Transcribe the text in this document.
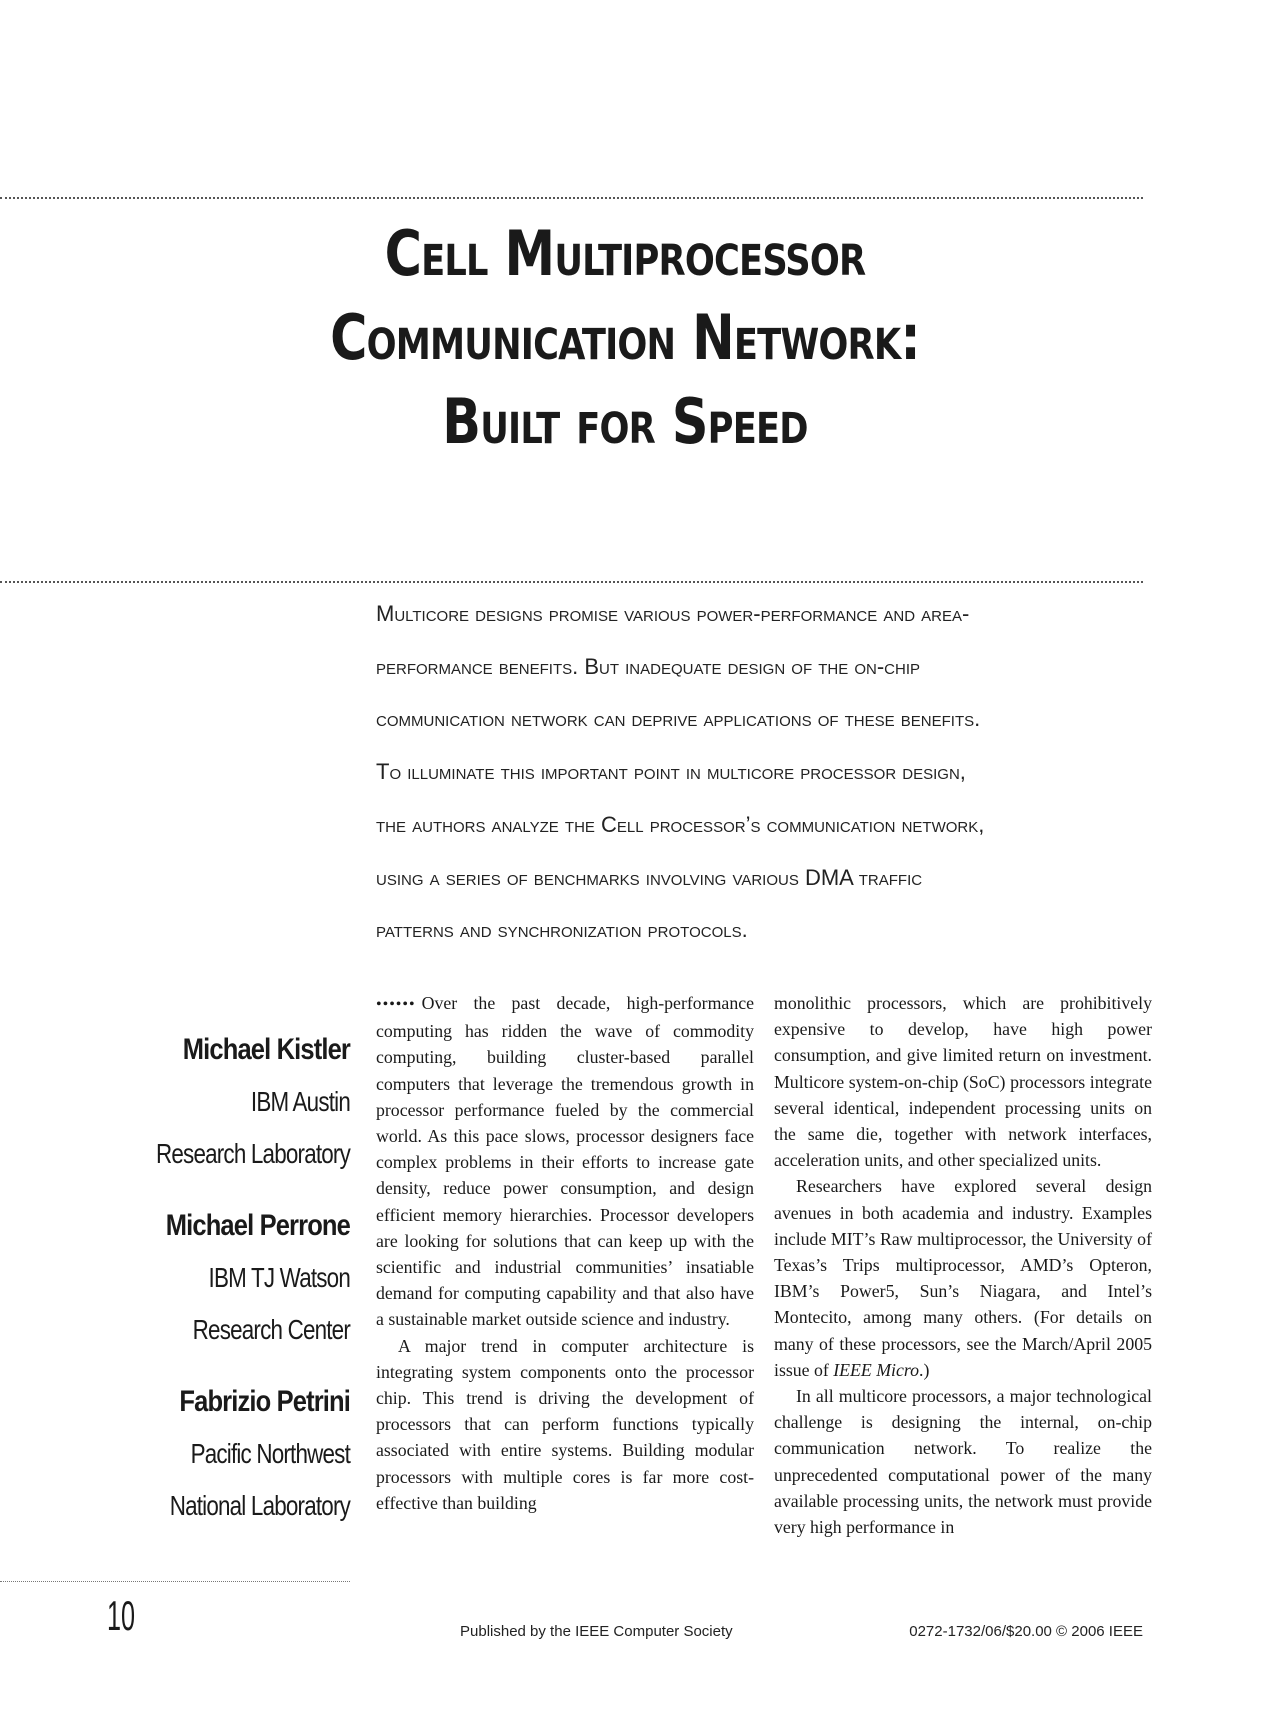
Cell Multiprocessor
Communication Network:
Built for Speed
Multicore designs promise various power-performance and area-
performance benefits. But inadequate design of the on-chip
communication network can deprive applications of these benefits.
To illuminate this important point in multicore processor design,
the authors analyze the Cell processor’s communication network,
using a series of benchmarks involving various DMA traffic
patterns and synchronization protocols.
Michael Kistler
IBM Austin
Research Laboratory
Michael Perrone
IBM TJ Watson
Research Center
Fabrizio Petrini
Pacific Northwest
National Laboratory

•••••• Over the past decade, high-performance computing has ridden the wave of commodity computing, building cluster-based parallel computers that leverage the tremendous growth in processor performance fueled by the commercial world. As this pace slows, processor designers face complex problems in their efforts to increase gate density, reduce power consumption, and design efficient memory hierarchies. Processor developers are looking for solutions that can keep up with the scientific and industrial communities’ insatiable demand for computing capability and that also have a sustainable market outside science and industry.

A major trend in computer architecture is integrating system components onto the processor chip. This trend is driving the development of processors that can perform functions typically associated with entire systems. Building modular processors with multiple cores is far more cost-effective than building

monolithic processors, which are prohibitively expensive to develop, have high power consumption, and give limited return on investment. Multicore system-on-chip (SoC) processors integrate several identical, independent processing units on the same die, together with network interfaces, acceleration units, and other specialized units.

Researchers have explored several design avenues in both academia and industry. Examples include MIT’s Raw multiprocessor, the University of Texas’s Trips multiprocessor, AMD’s Opteron, IBM’s Power5, Sun’s Niagara, and Intel’s Montecito, among many others. (For details on many of these processors, see the March/April 2005 issue of IEEE Micro.)

In all multicore processors, a major technological challenge is designing the internal, on-chip communication network. To realize the unprecedented computational power of the many available processing units, the network must provide very high performance in

10	Published by the IEEE Computer Society	0272-1732/06/$20.00 © 2006 IEEE
